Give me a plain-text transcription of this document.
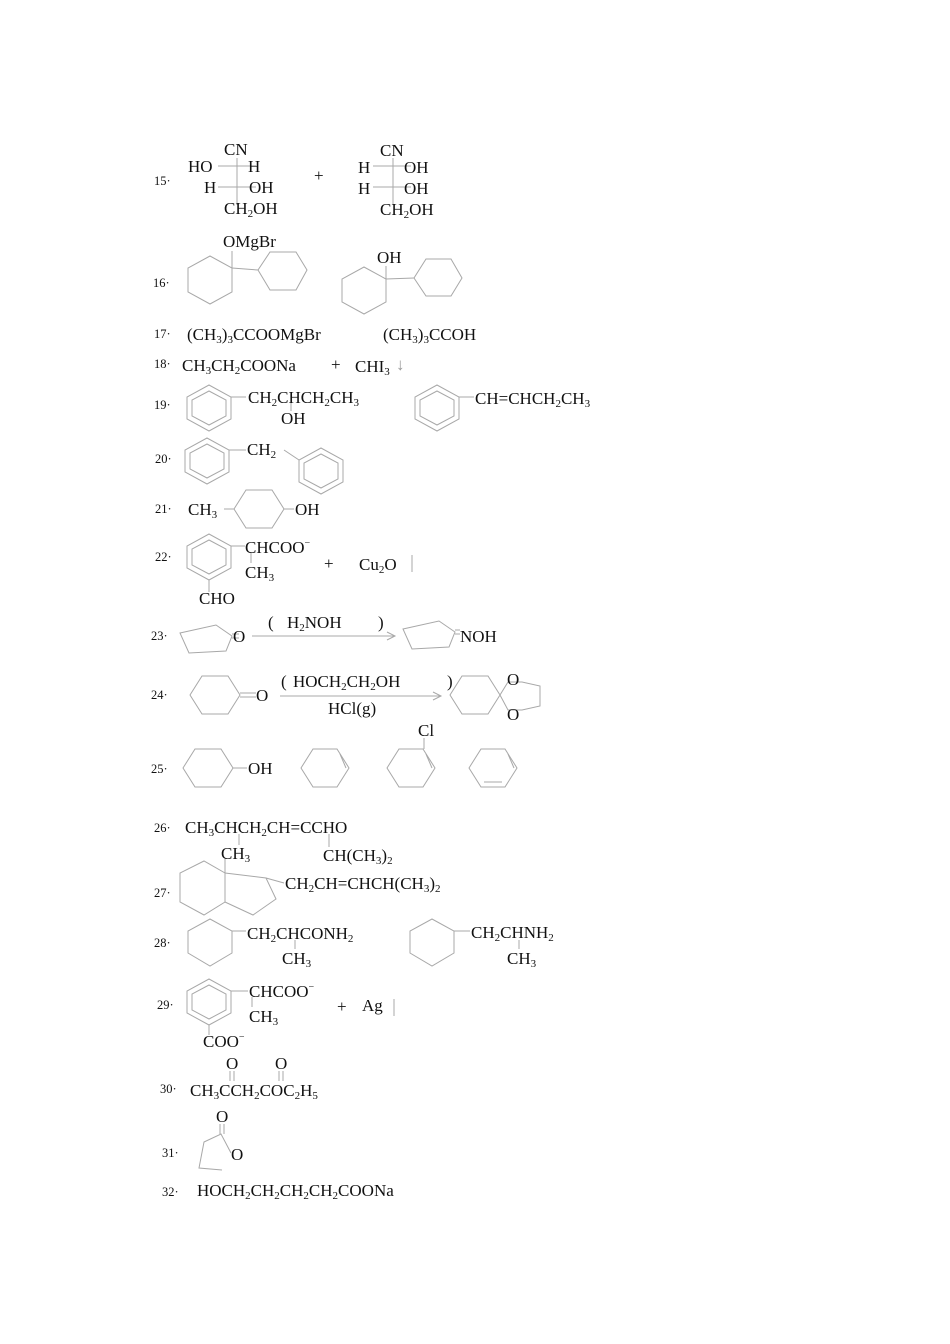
↓
15·
16·
17·
18·
19·
20·
21·
22·
23·
24·
25·
26·
27·
28·
29·
30·
31·
32·
CN
HO H
H OH
$CH_2OH$
+
CN
H OH
H OH
$CH_2OH$
OMgBr
OH
$(CH_3)_3CCOOMgBr$	$(CH_3)_3CCOH$
$CH_3CH_2COONa + CHI_3$
$CH_2CHCH_2CH_3$
OH
$CH=CHCH_2CH_3$
$CH_2$
$CH_3$	OH
CHCOO−
$CH_3$
+ $Cu_2O$
CHO
O
( $H_2NOH$ )
NOH
O
( $HOCH_2CH_2OH$	)
HCl(g)
O
O
OH
Cl
$CH_3CHCH_2CH=CCHO$
$CH_3$	$CH(CH_3)_2$
$CH_2CH=CHCH(CH_3)_2$
$CH_2CHCONH_2$
$CH_3$
$CH_2CHNH_2$
$CH_3$
CHCOO−
$CH_3$
+ Ag
COO−
O O
$CH_3CCH_2COC_2H_5$
O
O
$HOCH_2CH_2CH_2CH_2COONa$
